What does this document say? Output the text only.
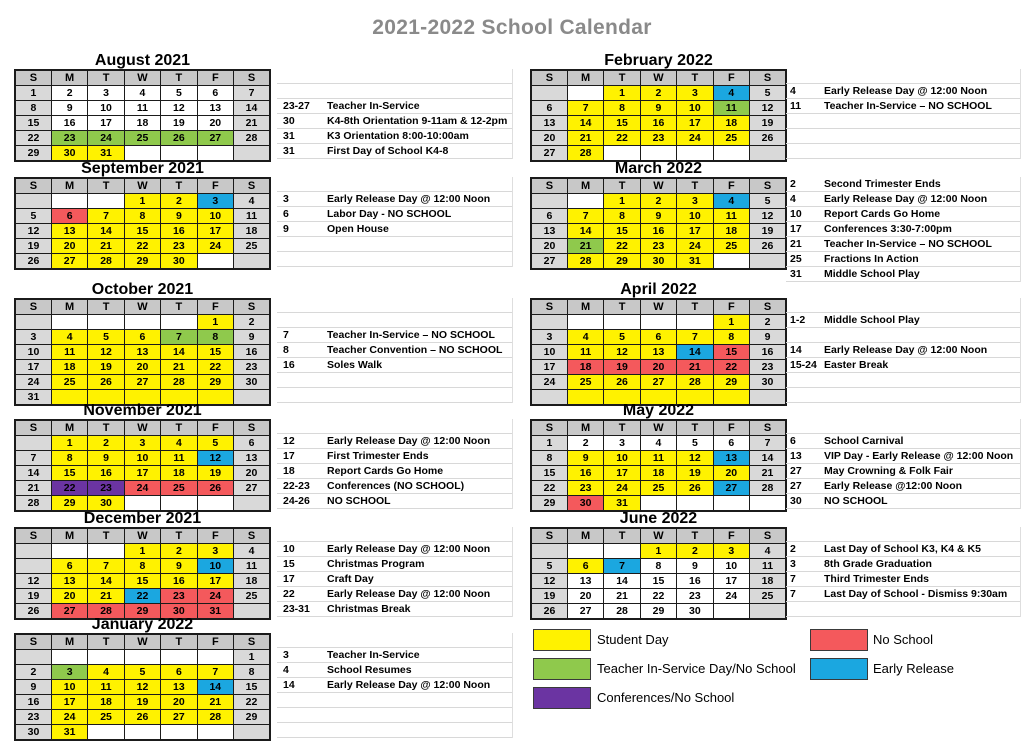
2021-2022 School Calendar
August 2021
S	M	T	W	T	F	S
1	2	3	4	5	6	7
8	9	10	11	12	13	14
15	16	17	18	19	20	21
22	23	24	25	26	27	28
29	30	31				
23-27 Teacher In-Service
30	K4-8th Orientation 9-11am & 12-2pm
31	K3 Orientation 8:00-10:00am
31	First Day of School K4-8
September 2021
S	M	T	W	T	F	S
			1	2	3	4
5	6	7	8	9	10	11
12	13	14	15	16	17	18
19	20	21	22	23	24	25
26	27	28	29	30		
3	Early Release Day @ 12:00 Noon
6	Labor Day - NO SCHOOL
9	Open House
October 2021
S	M	T	W	T	F	S
					1	2
3	4	5	6	7	8	9
10	11	12	13	14	15	16
17	18	19	20	21	22	23
24	25	26	27	28	29	30
31						
7	Teacher In-Service – NO SCHOOL
8	Teacher Convention – NO SCHOOL
16	Soles Walk
November 2021
S	M	T	W	T	F	S
	1	2	3	4	5	6
7	8	9	10	11	12	13
14	15	16	17	18	19	20
21	22	23	24	25	26	27
28	29	30				
12	Early Release Day @ 12:00 Noon
17	First Trimester Ends
18	Report Cards Go Home
22-23 Conferences (NO SCHOOL)
24-26 NO SCHOOL
December 2021
S	M	T	W	T	F	S
			1	2	3	4
	6	7	8	9	10	11
12	13	14	15	16	17	18
19	20	21	22	23	24	25
26	27	28	29	30	31	
10	Early Release Day @ 12:00 Noon
15	Christmas Program
17	Craft Day
22	Early Release Day @ 12:00 Noon
23-31 Christmas Break
January 2022
S	M	T	W	T	F	S
						1
2	3	4	5	6	7	8
9	10	11	12	13	14	15
16	17	18	19	20	21	22
23	24	25	26	27	28	29
30	31					
3	Teacher In-Service
4	School Resumes
14	Early Release Day @ 12:00 Noon
February 2022
S	M	T	W	T	F	S
		1	2	3	4	5
6	7	8	9	10	11	12
13	14	15	16	17	18	19
20	21	22	23	24	25	26
27	28					
4	Early Release Day @ 12:00 Noon
11 Teacher In-Service – NO SCHOOL
March 2022
S	M	T	W	T	F	S
		1	2	3	4	5
6	7	8	9	10	11	12
13	14	15	16	17	18	19
20	21	22	23	24	25	26
27	28	29	30	31		
2	Second Trimester Ends
4	Early Release Day @ 12:00 Noon
10 Report Cards Go Home
17 Conferences 3:30-7:00pm
21 Teacher In-Service – NO SCHOOL
25 Fractions In Action
31 Middle School Play
April 2022
S	M	T	W	T	F	S
					1	2
3	4	5	6	7	8	9
10	11	12	13	14	15	16
17	18	19	20	21	22	23
24	25	26	27	28	29	30

1-2 Middle School Play
14 Early Release Day @ 12:00 Noon
15-24 Easter Break
May 2022
S	M	T	W	T	F	S
1	2	3	4	5	6	7
8	9	10	11	12	13	14
15	16	17	18	19	20	21
22	23	24	25	26	27	28
29	30	31				
6	School Carnival
13 VIP Day - Early Release @ 12:00 Noon
27 May Crowning & Folk Fair
27 Early Release @12:00 Noon
30 NO SCHOOL
June 2022
S	M	T	W	T	F	S
			1	2	3	4
5	6	7	8	9	10	11
12	13	14	15	16	17	18
19	20	21	22	23	24	25
26	27	28	29	30		
2	Last Day of School K3, K4 & K5
3	8th Grade Graduation
7	Third Trimester Ends
7	Last Day of School - Dismiss 9:30am
Student Day
Teacher In-Service Day/No School
Conferences/No School
No School
Early Release
